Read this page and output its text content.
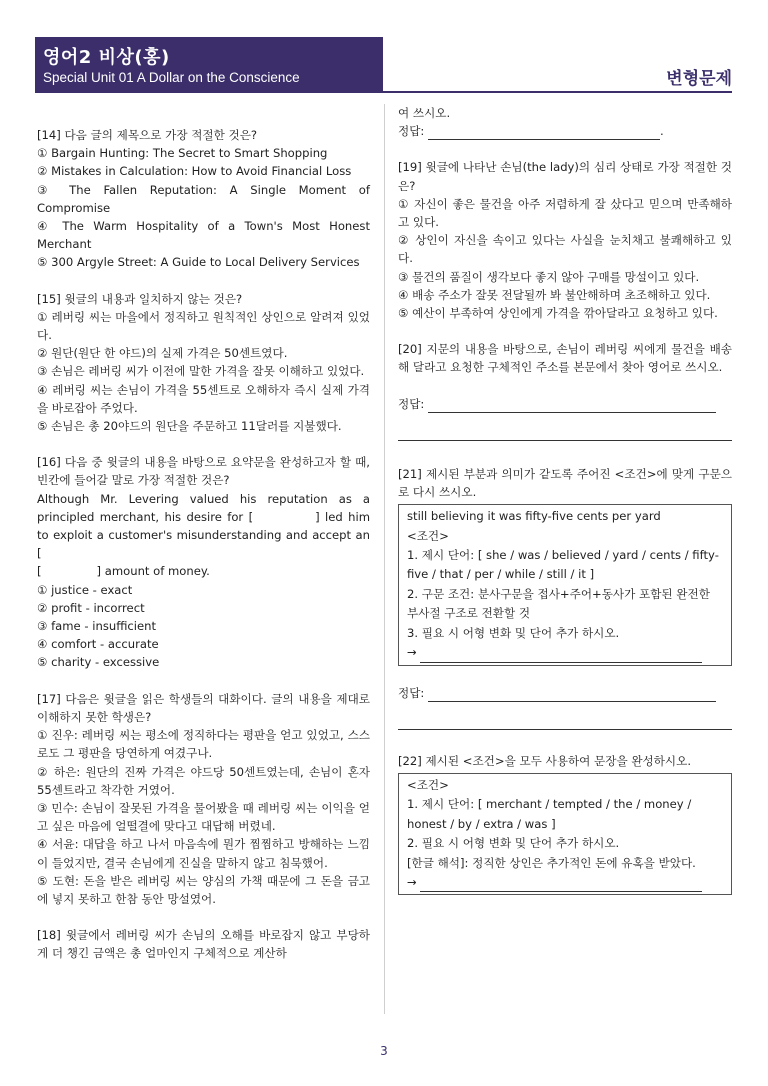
영어2 비상(홍)
Special Unit 01 A Dollar on the Conscience	변형문제

[14] 다음 글의 제목으로 가장 적절한 것은?

① Bargain Hunting: The Secret to Smart Shopping

② Mistakes in Calculation: How to Avoid Financial Loss

③ The Fallen Reputation: A Single Moment of Compromise

④ The Warm Hospitality of a Town's Most Honest Merchant

⑤ 300 Argyle Street: A Guide to Local Delivery Services

[15] 윗글의 내용과 일치하지 않는 것은?

① 레버링 씨는 마을에서 정직하고 원칙적인 상인으로 알려져 있었다.

② 원단(원단 한 야드)의 실제 가격은 50센트였다.

③ 손님은 레버링 씨가 이전에 말한 가격을 잘못 이해하고 있었다.

④ 레버링 씨는 손님이 가격을 55센트로 오해하자 즉시 실제 가격을 바로잡아 주었다.

⑤ 손님은 총 20야드의 원단을 주문하고 11달러를 지불했다.

[16] 다음 중 윗글의 내용을 바탕으로 요약문을 완성하고자 할 때, 빈칸에 들어갈 말로 가장 적절한 것은?

Although Mr. Levering valued his reputation as a principled merchant, his desire for [	] led him to exploit a customer's misunderstanding and accept an [

[	] amount of money.

① justice - exact

② profit - incorrect

③ fame - insufficient

④ comfort - accurate

⑤ charity - excessive

[17] 다음은 윗글을 읽은 학생들의 대화이다. 글의 내용을 제대로 이해하지 못한 학생은?

① 진우: 레버링 씨는 평소에 정직하다는 평판을 얻고 있었고, 스스로도 그 평판을 당연하게 여겼구나.

② 하은: 원단의 진짜 가격은 야드당 50센트였는데, 손님이 혼자 55센트라고 착각한 거였어.

③ 민수: 손님이 잘못된 가격을 물어봤을 때 레버링 씨는 이익을 얻고 싶은 마음에 얼떨결에 맞다고 대답해 버렸네.

④ 서윤: 대답을 하고 나서 마음속에 뭔가 찜찜하고 방해하는 느낌이 들었지만, 결국 손님에게 진실을 말하지 않고 침묵했어.

⑤ 도현: 돈을 받은 레버링 씨는 양심의 가책 때문에 그 돈을 금고에 넣지 못하고 한참 동안 망설였어.

[18] 윗글에서 레버링 씨가 손님의 오해를 바로잡지 않고 부당하게 더 챙긴 금액은 총 얼마인지 구체적으로 계산하

여 쓰시오.

정답:	.

[19] 윗글에 나타난 손님(the lady)의 심리 상태로 가장 적절한 것은?

① 자신이 좋은 물건을 아주 저렴하게 잘 샀다고 믿으며 만족해하고 있다.

② 상인이 자신을 속이고 있다는 사실을 눈치채고 불쾌해하고 있다.

③ 물건의 품질이 생각보다 좋지 않아 구매를 망설이고 있다.

④ 배송 주소가 잘못 전달될까 봐 불안해하며 초조해하고 있다.

⑤ 예산이 부족하여 상인에게 가격을 깎아달라고 요청하고 있다.

[20] 지문의 내용을 바탕으로, 손님이 레버링 씨에게 물건을 배송해 달라고 요청한 구체적인 주소를 본문에서 찾아 영어로 쓰시오.

정답:

[21] 제시된 부분과 의미가 같도록 주어진 <조건>에 맞게 구문으로 다시 쓰시오.

still believing it was fifty-five cents per yard
<조건>
1. 제시 단어: [ she / was / believed / yard / cents / fifty-five / that / per / while / still / it ]
2. 구문 조건: 분사구문을 접사+주어+동사가 포함된 완전한 부사절 구조로 전환할 것
3. 필요 시 어형 변화 및 단어 추가 하시오.
→

정답:

[22] 제시된 <조건>을 모두 사용하여 문장을 완성하시오.

<조건>
1. 제시 단어: [ merchant / tempted / the / money / honest / by / extra / was ]
2. 필요 시 어형 변화 및 단어 추가 하시오.
[한글 해석]: 정직한 상인은 추가적인 돈에 유혹을 받았다.
→
3
